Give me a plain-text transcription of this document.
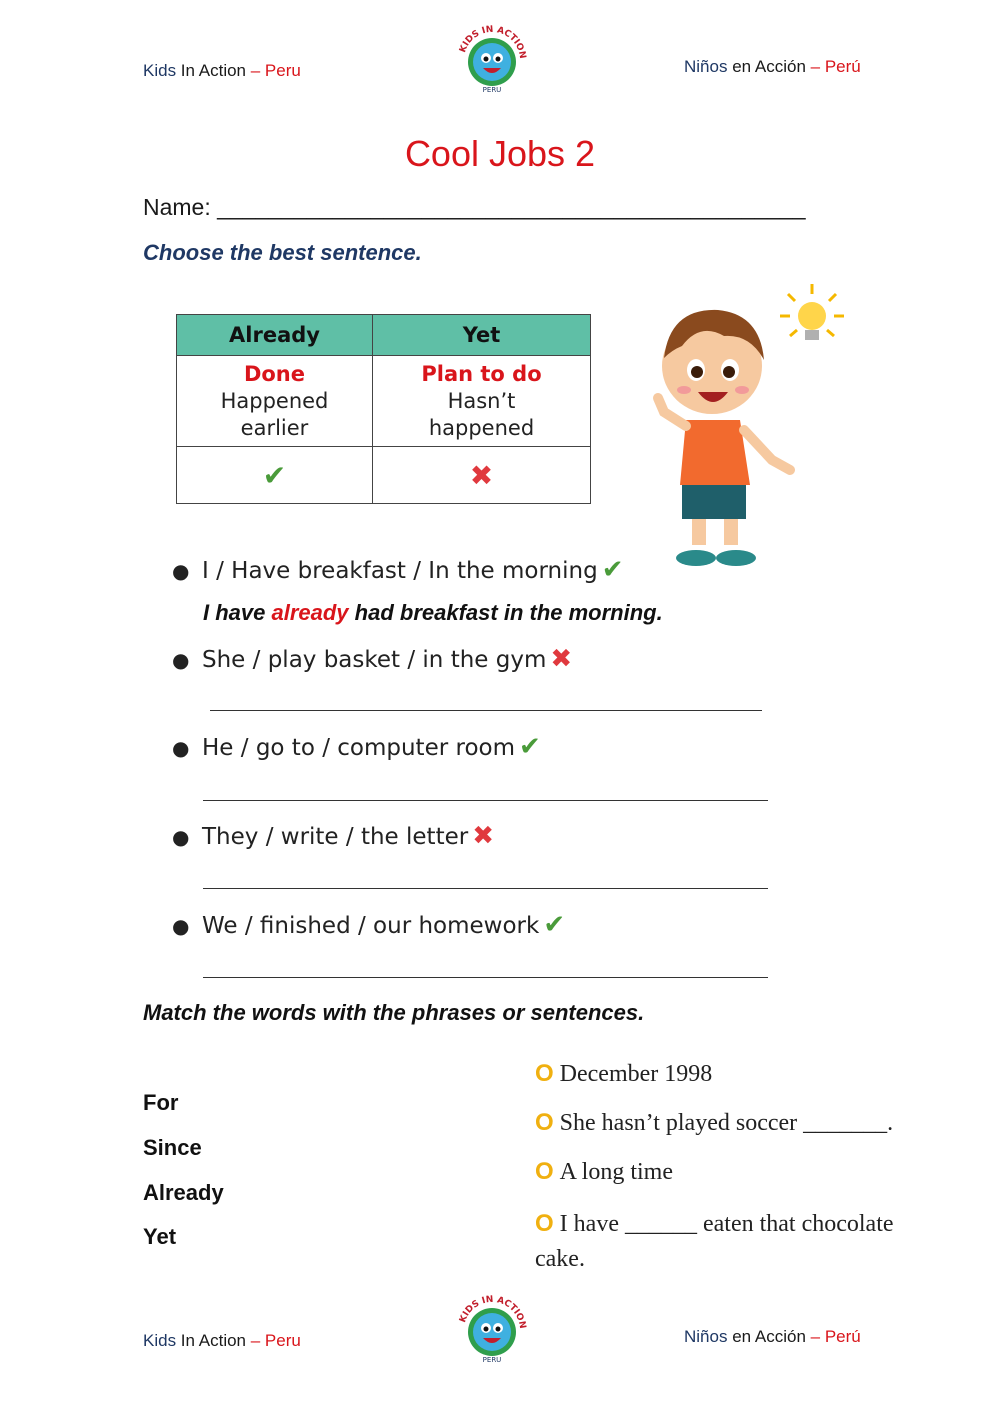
Kids In Action – Peru
KIDS IN ACTION
PERU
Niños en Acción – Perú
Cool Jobs 2
Name: ______________________________________________
Choose the best sentence.
Already	Yet

Done
Happened
earlier	Plan to do
Hasn’t
happened

✔	✖
● I / Have breakfast / In the morning ✔
I have already had breakfast in the morning.
● She / play basket / in the gym ✖
● He / go to / computer room ✔
● They / write / the letter ✖
● We / finished / our homework ✔
Match the words with the phrases or sentences.
For
Since
Already
Yet
O December 1998
O She hasn’t played soccer _______.
O A long time
O I have ______ eaten that chocolate
cake.
Kids In Action – Peru
KIDS IN ACTION
PERU
Niños en Acción – Perú
